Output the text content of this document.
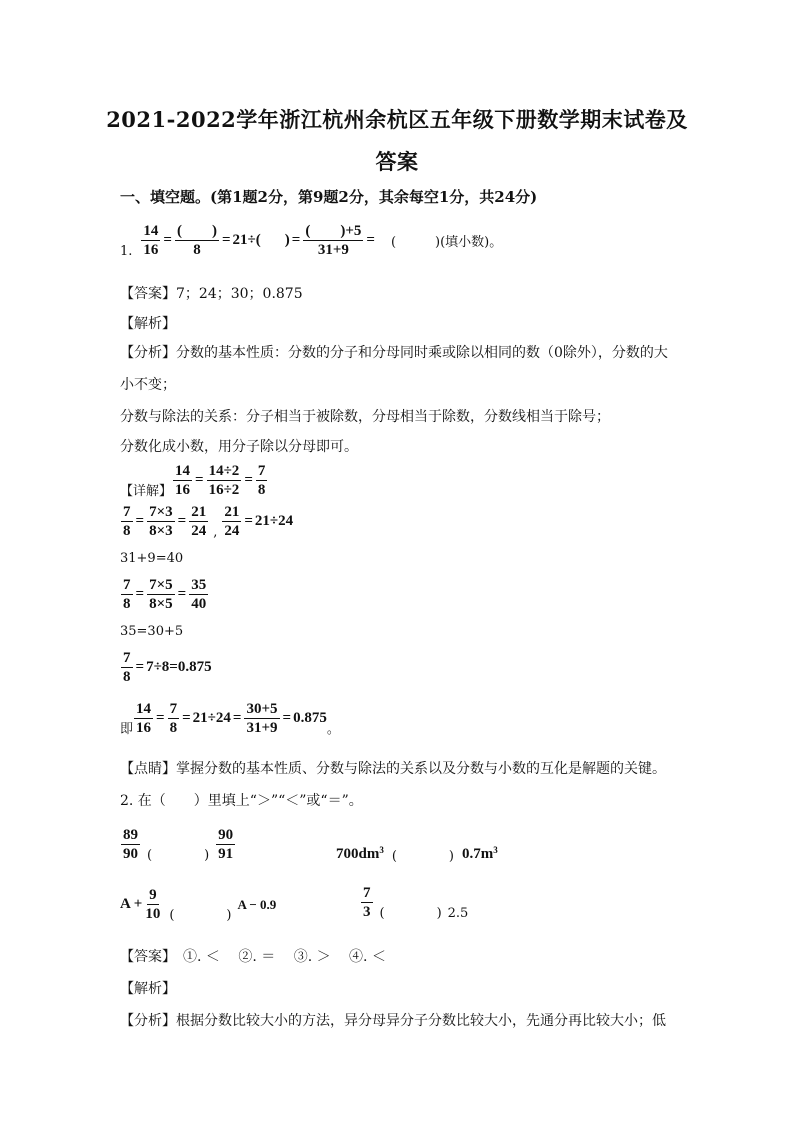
2021-2022学年浙江杭州余杭区五年级下册数学期末试卷及
答案
一、填空题。(第1题2分，第9题2分，其余每空1分，共24分)
1. $\frac{14}{16} = \frac{( )}{8} = 21\div$( ) = $\frac{( )+5}{31+9}$ = (　　　)(填小数)。
【答案】7；24；30；0.875
【解析】
【分析】分数的基本性质：分数的分子和分母同时乘或除以相同的数（0除外），分数的大
小不变；
分数与除法的关系：分子相当于被除数，分母相当于除数，分数线相当于除号；
分数化成小数，用分子除以分母即可。
【详解】 $\frac{14}{16} = \frac{14\div 2}{16\div 2} = \frac{7}{8}$
$\frac{7}{8} = \frac{7\times 3}{8\times 3} = \frac{21}{24}$ , $\frac{21}{24} = 21\div 24$
31+9=40
$\frac{7}{8} = \frac{7\times 5}{8\times 5} = \frac{35}{40}$
35=30+5
$\frac{7}{8} = 7\div 8=0.875$
即 $\frac{14}{16} = \frac{7}{8} = 21\div 24 = \frac{30+5}{31+9} = 0.875$
。
【点睛】掌握分数的基本性质、分数与除法的关系以及分数与小数的互化是解题的关键。
2. 在（　　）里填上“＞”“＜”或“＝”。
$\frac{89}{90}$ (　　　　) $\frac{90}{91}$	$700dm^3$ (　　　　) $0.7m^3$
$A + \frac{9}{10}$ (　　　　)
A − 0.9	$\frac{7}{3}$ (　　　　) 2.5
【答案】　①. ＜　 ②. ＝　 ③. ＞　 ④. ＜
【解析】
【分析】根据分数比较大小的方法，异分母异分子分数比较大小，先通分再比较大小；低
